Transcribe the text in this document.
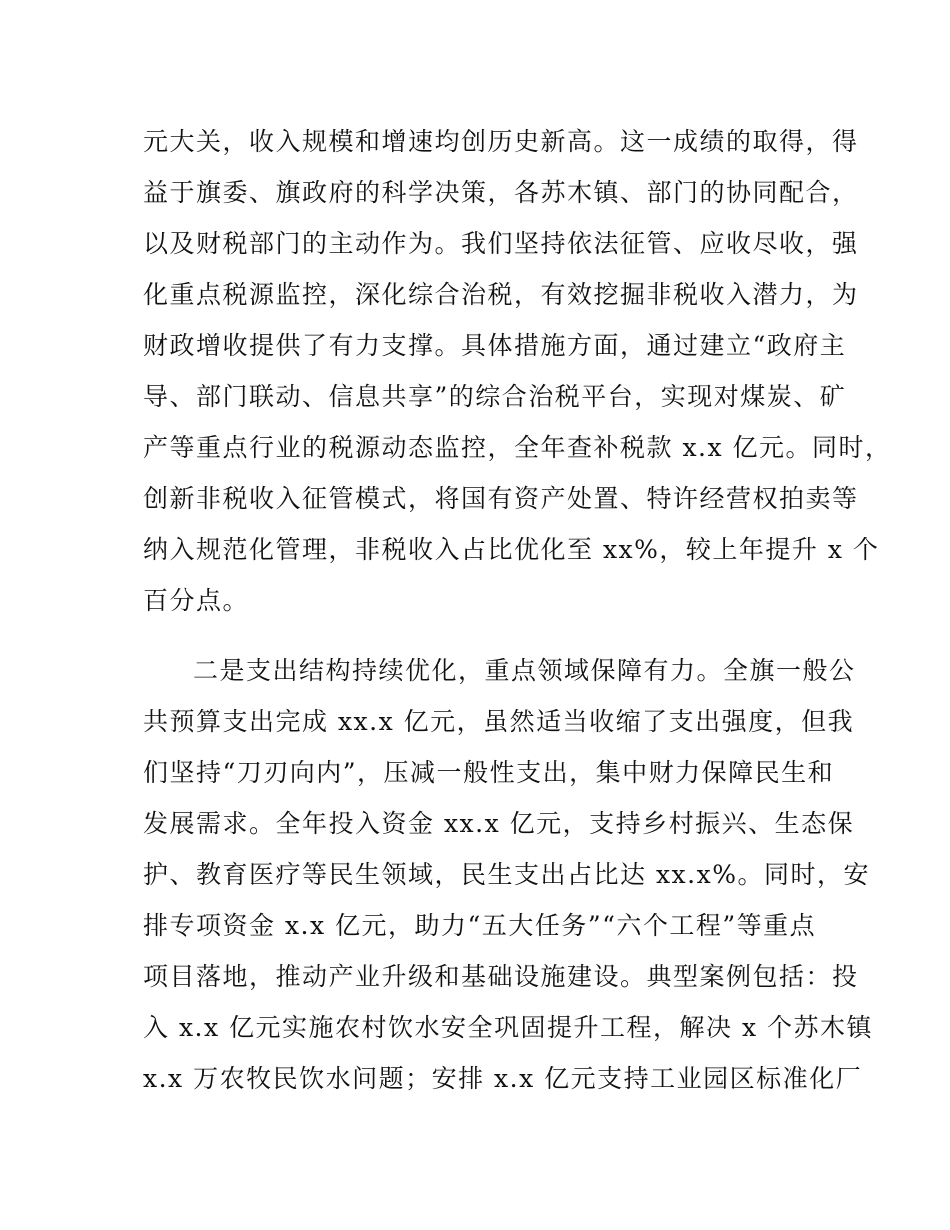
元大关，收入规模和增速均创历史新高。这一成绩的取得，得
益于旗委、旗政府的科学决策，各苏木镇、部门的协同配合，
以及财税部门的主动作为。我们坚持依法征管、应收尽收，强
化重点税源监控，深化综合治税，有效挖掘非税收入潜力，为
财政增收提供了有力支撑。具体措施方面，通过建立“政府主
导、部门联动、信息共享”的综合治税平台，实现对煤炭、矿
产等重点行业的税源动态监控，全年查补税款 x.x 亿元。同时，
创新非税收入征管模式，将国有资产处置、特许经营权拍卖等
纳入规范化管理，非税收入占比优化至 xx%，较上年提升 x 个
百分点。
二是支出结构持续优化，重点领域保障有力。全旗一般公
共预算支出完成 xx.x 亿元，虽然适当收缩了支出强度，但我
们坚持“刀刃向内”，压减一般性支出，集中财力保障民生和
发展需求。全年投入资金 xx.x 亿元，支持乡村振兴、生态保
护、教育医疗等民生领域，民生支出占比达 xx.x%。同时，安
排专项资金 x.x 亿元，助力“五大任务”“六个工程”等重点
项目落地，推动产业升级和基础设施建设。典型案例包括：投
入 x.x 亿元实施农村饮水安全巩固提升工程，解决 x 个苏木镇
x.x 万农牧民饮水问题；安排 x.x 亿元支持工业园区标准化厂
